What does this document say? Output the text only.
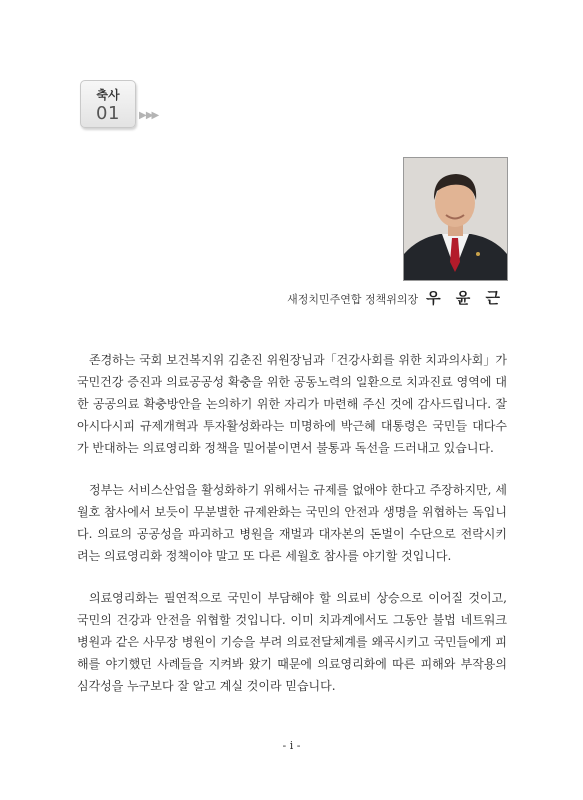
축사
01	▶ ▶▶
새정치민주연합 정책위의장 우 윤 근

존경하는 국회 보건복지위 김춘진 위원장님과「건강사회를 위한 치과의사회」가 국민건강 증진과 의료공공성 확충을 위한 공동노력의 일환으로 치과진료 영역에 대한 공공의료 확충방안을 논의하기 위한 자리가 마련해 주신 것에 감사드립니다. 잘 아시다시피 규제개혁과 투자활성화라는 미명하에 박근혜 대통령은 국민들 대다수가 반대하는 의료영리화 정책을 밀어붙이면서 불통과 독선을 드러내고 있습니다.

정부는 서비스산업을 활성화하기 위해서는 규제를 없애야 한다고 주장하지만, 세월호 참사에서 보듯이 무분별한 규제완화는 국민의 안전과 생명을 위협하는 독입니다. 의료의 공공성을 파괴하고 병원을 재벌과 대자본의 돈벌이 수단으로 전락시키려는 의료영리화 정책이야 말고 또 다른 세월호 참사를 야기할 것입니다.

의료영리화는 필연적으로 국민이 부담해야 할 의료비 상승으로 이어질 것이고, 국민의 건강과 안전을 위협할 것입니다. 이미 치과계에서도 그동안 불법 네트워크 병원과 같은 사무장 병원이 기승을 부려 의료전달체계를 왜곡시키고 국민들에게 피해를 야기했던 사례들을 지켜봐 왔기 때문에 의료영리화에 따른 피해와 부작용의 심각성을 누구보다 잘 알고 계실 것이라 믿습니다.

- i -
